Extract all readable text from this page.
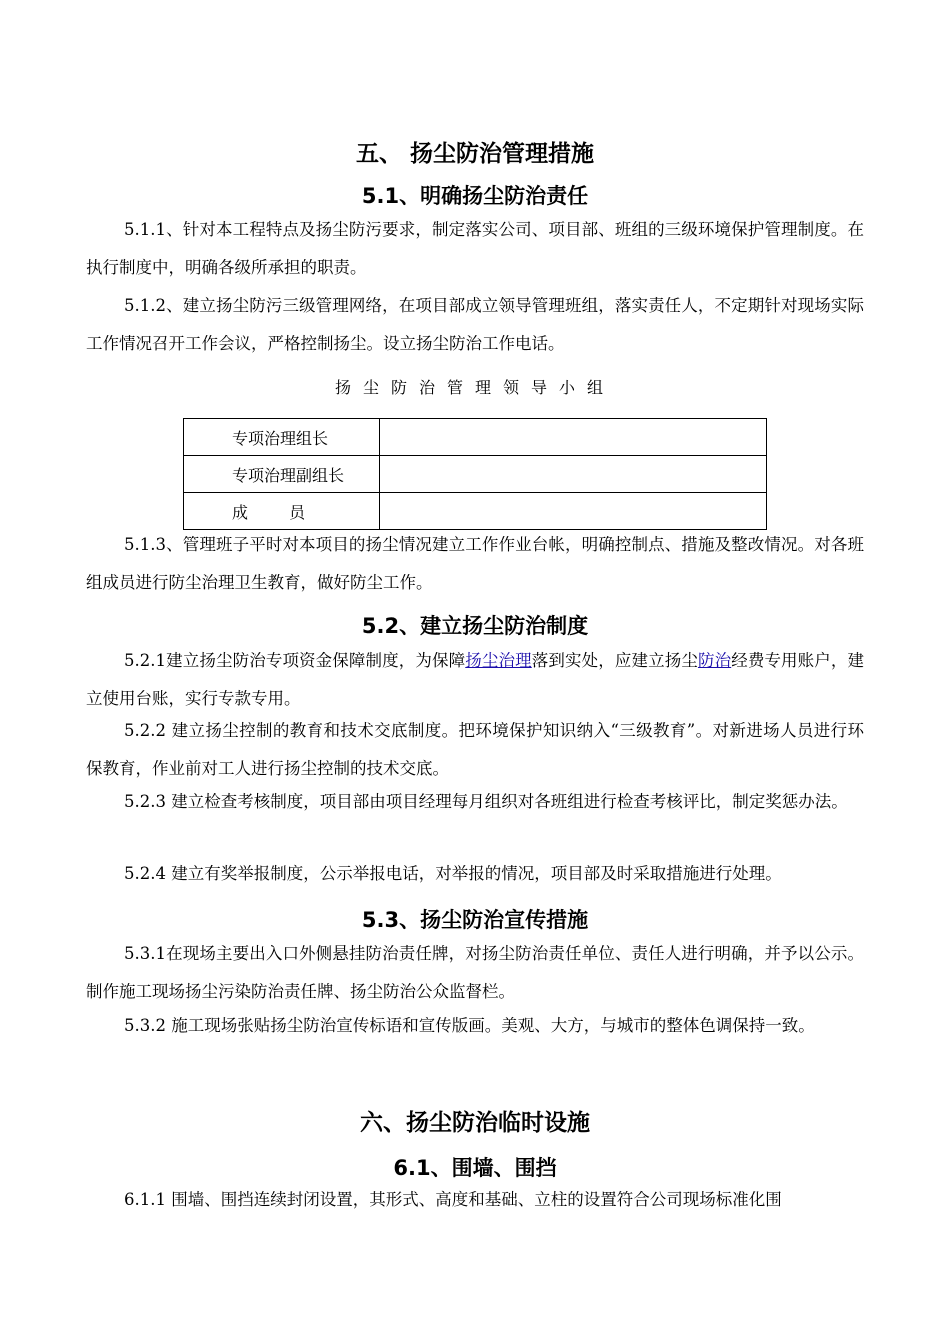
五、 扬尘防治管理措施
5.1、明确扬尘防治责任
5.1.1、针对本工程特点及扬尘防污要求，制定落实公司、项目部、班组的三级环境保护管理制度。在执行制度中，明确各级所承担的职责。
5.1.2、建立扬尘防污三级管理网络，在项目部成立领导管理班组，落实责任人，不定期针对现场实际工作情况召开工作会议，严格控制扬尘。设立扬尘防治工作电话。
扬尘防治管理领导小组
专项治理组长	
专项治理副组长	
成 员	
5.1.3、管理班子平时对本项目的扬尘情况建立工作作业台帐，明确控制点、措施及整改情况。对各班组成员进行防尘治理卫生教育，做好防尘工作。
5.2、建立扬尘防治制度
5.2.1建立扬尘防治专项资金保障制度，为保障扬尘治理落到实处，应建立扬尘防治经费专用账户，建立使用台账，实行专款专用。
5.2.2 建立扬尘控制的教育和技术交底制度。把环境保护知识纳入“三级教育”。对新进场人员进行环保教育，作业前对工人进行扬尘控制的技术交底。
5.2.3 建立检查考核制度，项目部由项目经理每月组织对各班组进行检查考核评比，制定奖惩办法。
5.2.4 建立有奖举报制度，公示举报电话，对举报的情况，项目部及时采取措施进行处理。
5.3、扬尘防治宣传措施
5.3.1在现场主要出入口外侧悬挂防治责任牌，对扬尘防治责任单位、责任人进行明确，并予以公示。制作施工现场扬尘污染防治责任牌、扬尘防治公众监督栏。
5.3.2 施工现场张贴扬尘防治宣传标语和宣传版画。美观、大方，与城市的整体色调保持一致。
六、扬尘防治临时设施
6.1、围墙、围挡
6.1.1 围墙、围挡连续封闭设置，其形式、高度和基础、立柱的设置符合公司现场标准化围
